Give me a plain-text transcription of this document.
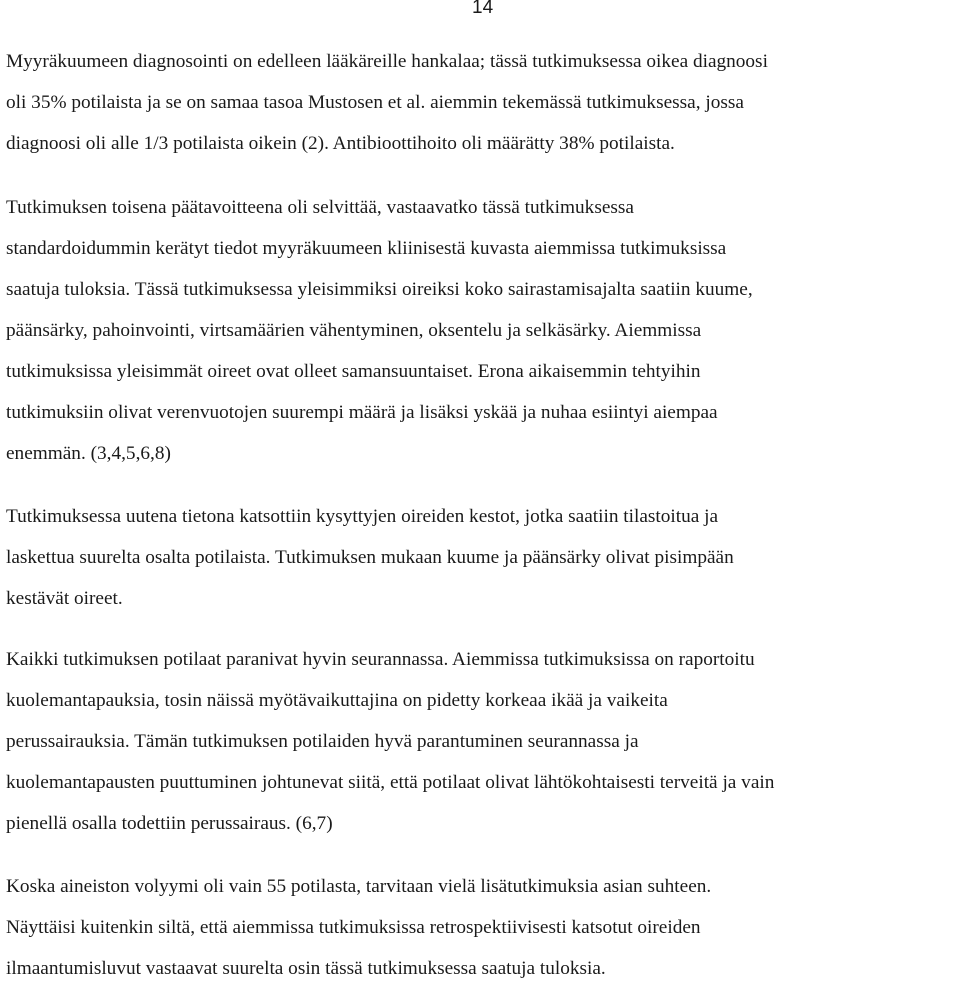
14

Myyräkuumeen diagnosointi on edelleen lääkäreille hankalaa; tässä tutkimuksessa oikea diagnoosi
oli 35% potilaista ja se on samaa tasoa Mustosen et al. aiemmin tekemässä tutkimuksessa, jossa
diagnoosi oli alle 1/3 potilaista oikein (2). Antibioottihoito oli määrätty 38% potilaista.

Tutkimuksen toisena päätavoitteena oli selvittää, vastaavatko tässä tutkimuksessa
standardoidummin kerätyt tiedot myyräkuumeen kliinisestä kuvasta aiemmissa tutkimuksissa
saatuja tuloksia. Tässä tutkimuksessa yleisimmiksi oireiksi koko sairastamisajalta saatiin kuume,
päänsärky, pahoinvointi, virtsamäärien vähentyminen, oksentelu ja selkäsärky. Aiemmissa
tutkimuksissa yleisimmät oireet ovat olleet samansuuntaiset. Erona aikaisemmin tehtyihin
tutkimuksiin olivat verenvuotojen suurempi määrä ja lisäksi yskää ja nuhaa esiintyi aiempaa
enemmän. (3,4,5,6,8)

Tutkimuksessa uutena tietona katsottiin kysyttyjen oireiden kestot, jotka saatiin tilastoitua ja
laskettua suurelta osalta potilaista. Tutkimuksen mukaan kuume ja päänsärky olivat pisimpään
kestävät oireet.

Kaikki tutkimuksen potilaat paranivat hyvin seurannassa. Aiemmissa tutkimuksissa on raportoitu
kuolemantapauksia, tosin näissä myötävaikuttajina on pidetty korkeaa ikää ja vaikeita
perussairauksia. Tämän tutkimuksen potilaiden hyvä parantuminen seurannassa ja
kuolemantapausten puuttuminen johtunevat siitä, että potilaat olivat lähtökohtaisesti terveitä ja vain
pienellä osalla todettiin perussairaus. (6,7)

Koska aineiston volyymi oli vain 55 potilasta, tarvitaan vielä lisätutkimuksia asian suhteen.
Näyttäisi kuitenkin siltä, että aiemmissa tutkimuksissa retrospektiivisesti katsotut oireiden
ilmaantumisluvut vastaavat suurelta osin tässä tutkimuksessa saatuja tuloksia.
